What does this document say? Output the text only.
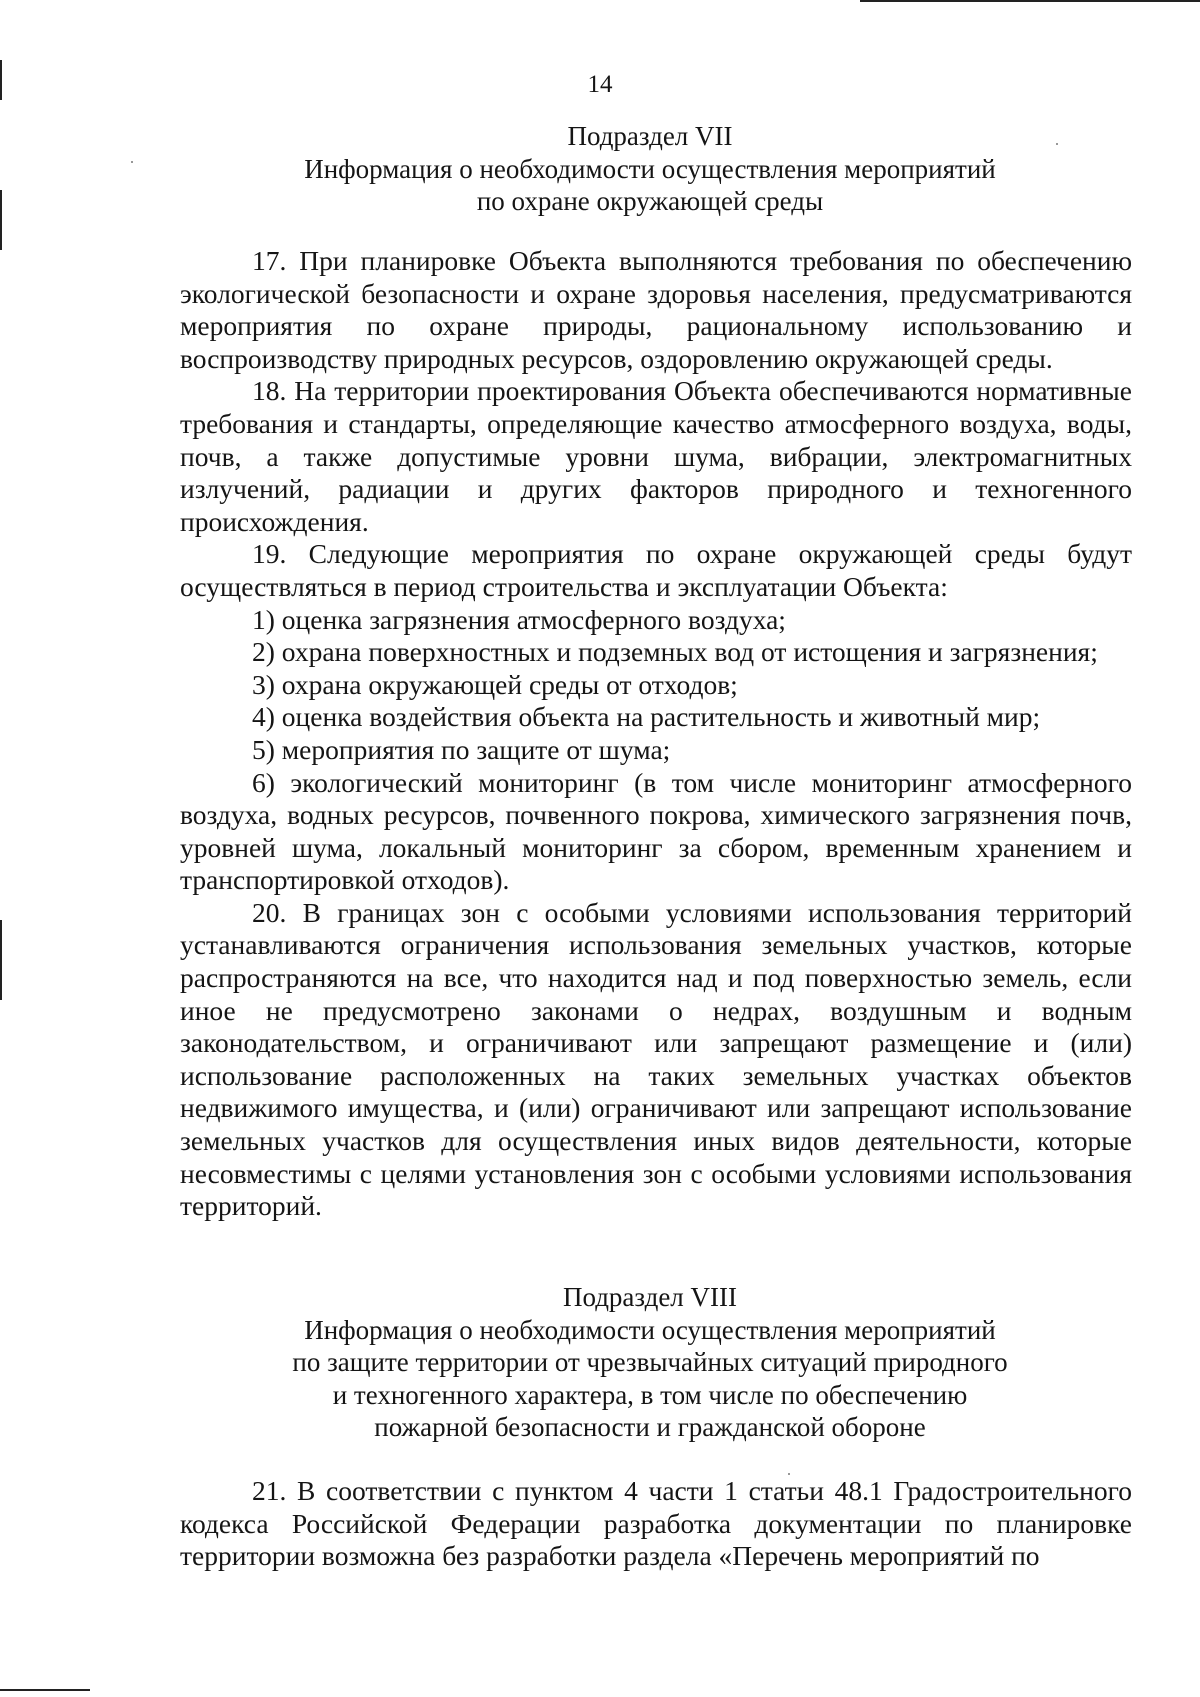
14
Подраздел VII
Информация о необходимости осуществления мероприятий
по охране окружающей среды

17. При планировке Объекта выполняются требования по обеспечению экологической безопасности и охране здоровья населения, предусматриваются мероприятия по охране природы, рациональному использованию и воспроизводству природных ресурсов, оздоровлению окружающей среды.

18. На территории проектирования Объекта обеспечиваются нормативные требования и стандарты, определяющие качество атмосферного воздуха, воды, почв, а также допустимые уровни шума, вибрации, электромагнитных излучений, радиации и других факторов природного и техногенного происхождения.

19. Следующие мероприятия по охране окружающей среды будут осуществляться в период строительства и эксплуатации Объекта:

1) оценка загрязнения атмосферного воздуха;

2) охрана поверхностных и подземных вод от истощения и загрязнения;

3) охрана окружающей среды от отходов;

4) оценка воздействия объекта на растительность и животный мир;

5) мероприятия по защите от шума;

6) экологический мониторинг (в том числе мониторинг атмосферного воздуха, водных ресурсов, почвенного покрова, химического загрязнения почв, уровней шума, локальный мониторинг за сбором, временным хранением и транспортировкой отходов).

20. В границах зон с особыми условиями использования территорий устанавливаются ограничения использования земельных участков, которые распространяются на все, что находится над и под поверхностью земель, если иное не предусмотрено законами о недрах, воздушным и водным законодательством, и ограничивают или запрещают размещение и (или) использование расположенных на таких земельных участках объектов недвижимого имущества, и (или) ограничивают или запрещают использование земельных участков для осуществления иных видов деятельности, которые несовместимы с целями установления зон с особыми условиями использования территорий.

Подраздел VIII
Информация о необходимости осуществления мероприятий
по защите территории от чрезвычайных ситуаций природного
и техногенного характера, в том числе по обеспечению
пожарной безопасности и гражданской обороне

21. В соответствии с пунктом 4 части 1 статьи 48.1 Градостроительного кодекса Российской Федерации разработка документации по планировке территории возможна без разработки раздела «Перечень мероприятий по
